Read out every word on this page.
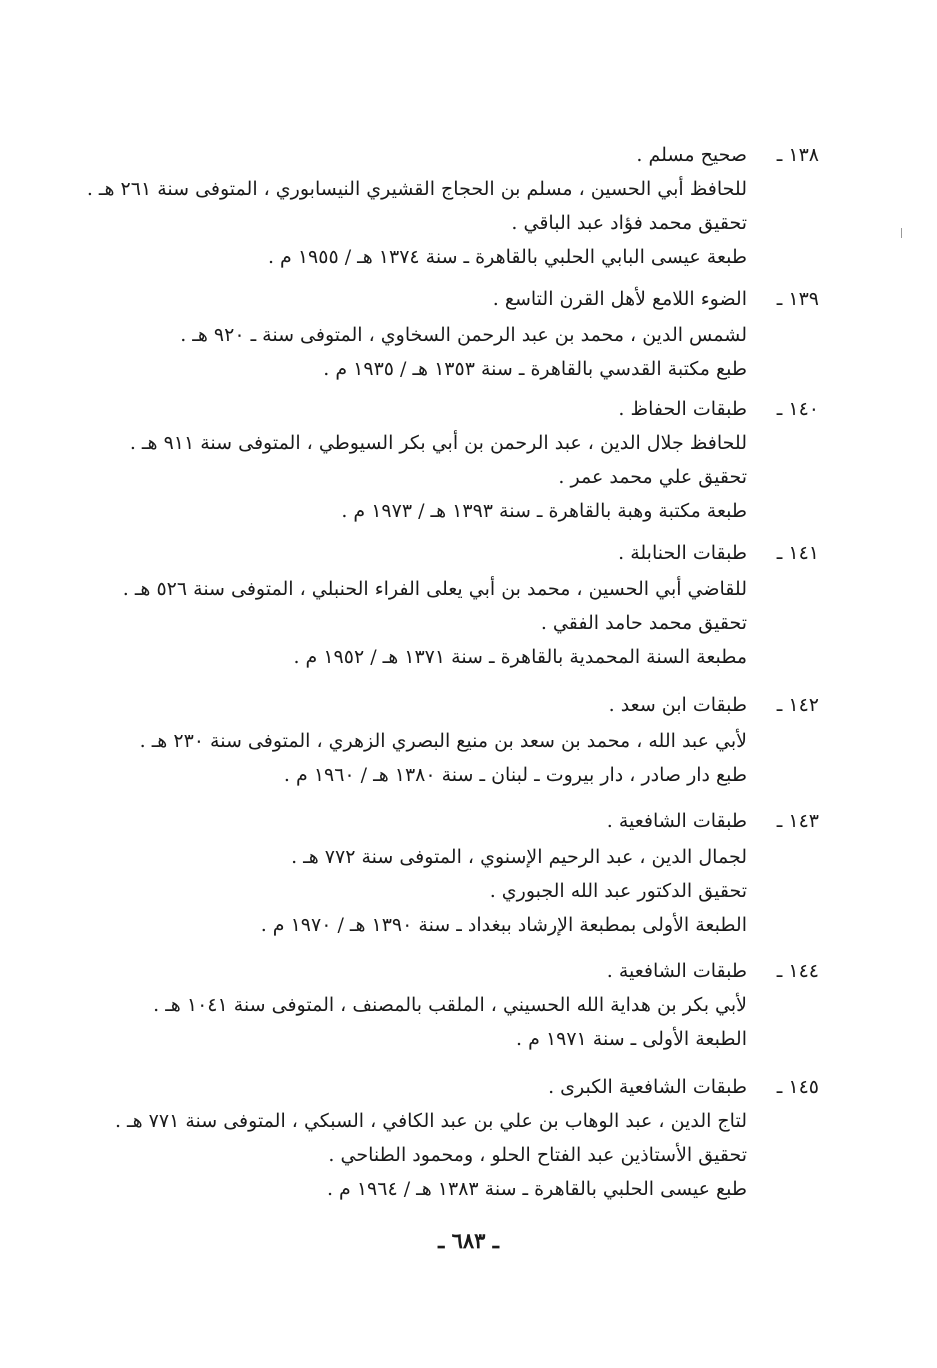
١٣٨ ـ
صحيح مسلم .
للحافظ أبي الحسين ، مسلم بن الحجاج القشيري النيسابوري ، المتوفى سنة ٢٦١ هـ .
تحقيق محمد فؤاد عبد الباقي .
طبعة عيسى البابي الحلبي بالقاهرة ـ سنة ١٣٧٤ هـ / ١٩٥٥ م .
١٣٩ ـ
الضوء اللامع لأهل القرن التاسع .
لشمس الدين ، محمد بن عبد الرحمن السخاوي ، المتوفى سنة ـ ٩٢٠ هـ .
طبع مكتبة القدسي بالقاهرة ـ سنة ١٣٥٣ هـ / ١٩٣٥ م .
١٤٠ ـ
طبقات الحفاظ .
للحافظ جلال الدين ، عبد الرحمن بن أبي بكر السيوطي ، المتوفى سنة ٩١١ هـ .
تحقيق علي محمد عمر .
طبعة مكتبة وهبة بالقاهرة ـ سنة ١٣٩٣ هـ / ١٩٧٣ م .
١٤١ ـ
طبقات الحنابلة .
للقاضي أبي الحسين ، محمد بن أبي يعلى الفراء الحنبلي ، المتوفى سنة ٥٢٦ هـ .
تحقيق محمد حامد الفقي .
مطبعة السنة المحمدية بالقاهرة ـ سنة ١٣٧١ هـ / ١٩٥٢ م .
١٤٢ ـ
طبقات ابن سعد .
لأبي عبد الله ، محمد بن سعد بن منيع البصري الزهري ، المتوفى سنة ٢٣٠ هـ .
طبع دار صادر ، دار بيروت ـ لبنان ـ سنة ١٣٨٠ هـ / ١٩٦٠ م .
١٤٣ ـ
طبقات الشافعية .
لجمال الدين ، عبد الرحيم الإسنوي ، المتوفى سنة ٧٧٢ هـ .
تحقيق الدكتور عبد الله الجبوري .
الطبعة الأولى بمطبعة الإرشاد ببغداد ـ سنة ١٣٩٠ هـ / ١٩٧٠ م .
١٤٤ ـ
طبقات الشافعية .
لأبي بكر بن هداية الله الحسيني ، الملقب بالمصنف ، المتوفى سنة ١٠٤١ هـ .
الطبعة الأولى ـ سنة ١٩٧١ م .
١٤٥ ـ
طبقات الشافعية الكبرى .
لتاج الدين ، عبد الوهاب بن علي بن عبد الكافي ، السبكي ، المتوفى سنة ٧٧١ هـ .
تحقيق الأستاذين عبد الفتاح الحلو ، ومحمود الطناحي .
طبع عيسى الحلبي بالقاهرة ـ سنة ١٣٨٣ هـ / ١٩٦٤ م .
ـ ٦٨٣ ـ
